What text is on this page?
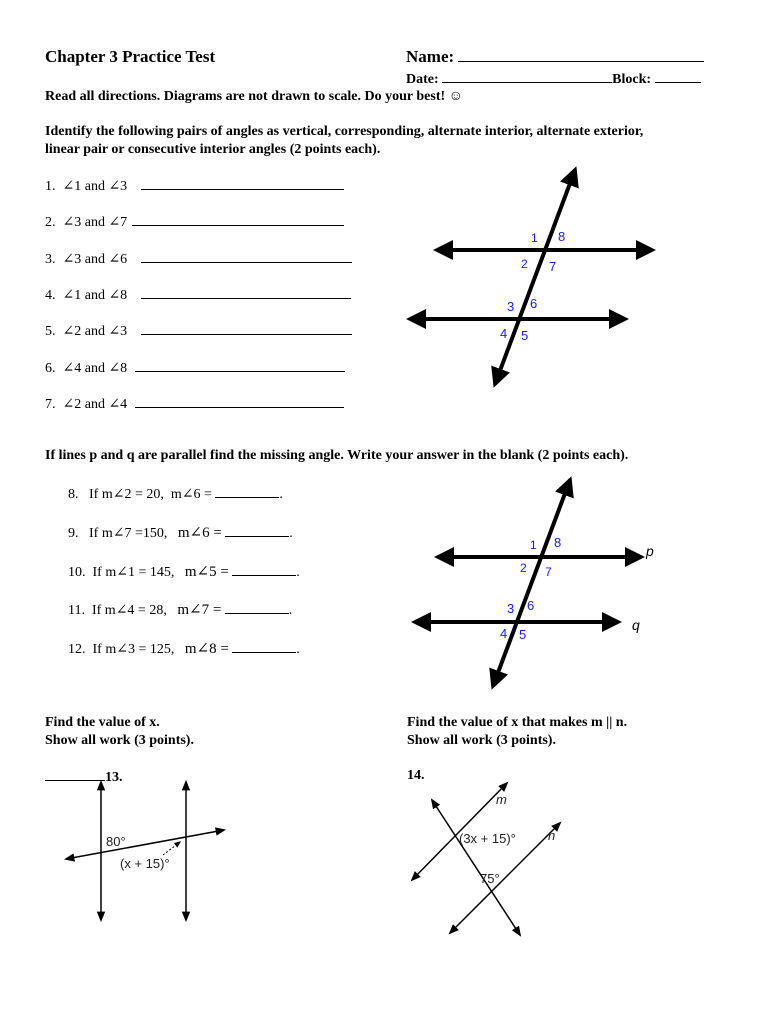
Chapter 3 Practice Test	Name:
Date:	Block:
Read all directions. Diagrams are not drawn to scale. Do your best! ☺
Identify the following pairs of angles as vertical, corresponding, alternate interior, alternate exterior,
linear pair or consecutive interior angles (2 points each).
1. ∠1 and ∠3
2. ∠3 and ∠7
3. ∠3 and ∠6
4. ∠1 and ∠8
5. ∠2 and ∠3
6. ∠4 and ∠8
7. ∠2 and ∠4
1 8
2 7
3 6
4 5
1 8
2 7
3 6
4 5
p
q
80°
(x + 15)°
m
n
(3x + 15)°
75°
If lines p and q are parallel find the missing angle. Write your answer in the blank (2 points each).
8. If m∠2 = 20, m∠6 =	.
9. If m∠7 =150, m∠6 =	.
10. If m∠1 = 145, m∠5 =	.
11. If m∠4 = 28, m∠7 =	.
12. If m∠3 = 125, m∠8 =	.
Find the value of x.
Show all work (3 points).
Find the value of x that makes m || n.
Show all work (3 points).
13.	14.
